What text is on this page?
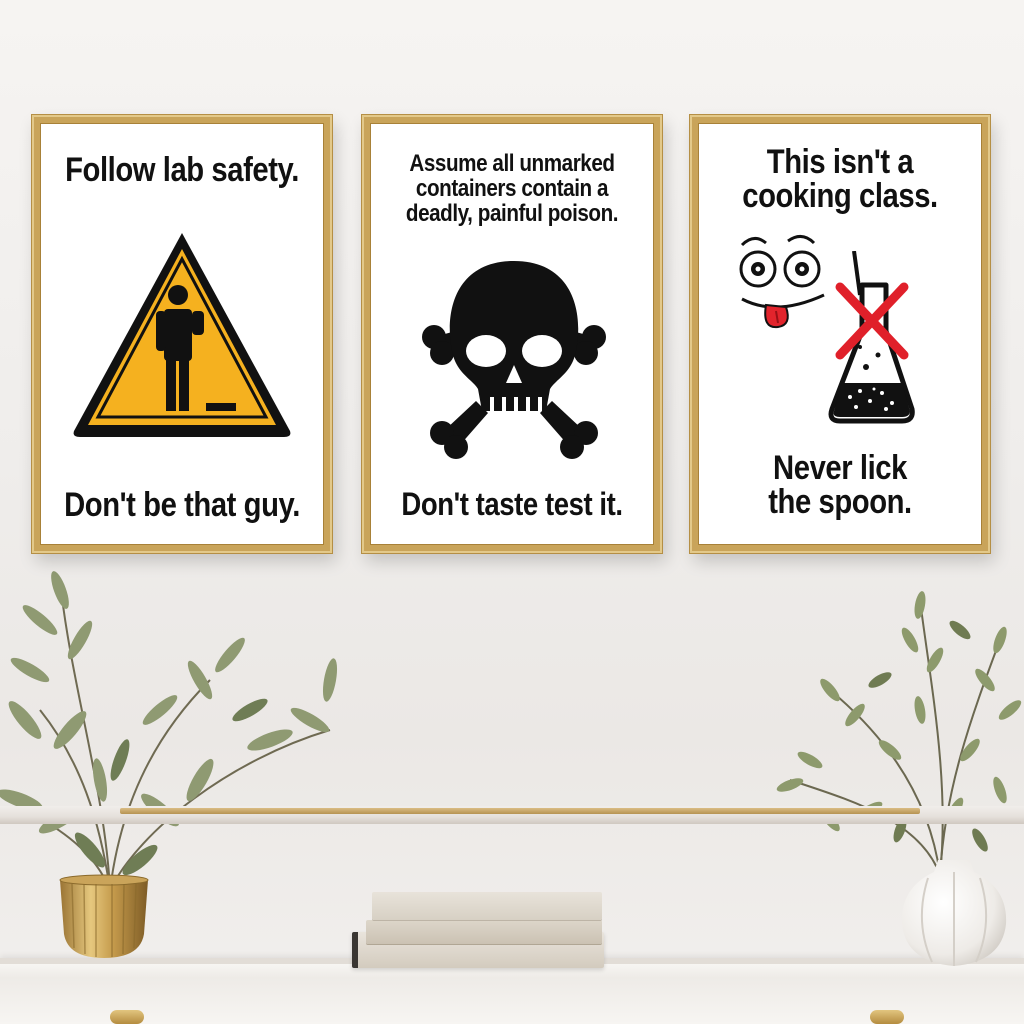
Follow lab safety.
Don't be that guy.
Assume all unmarked
containers contain a
deadly, painful poison.
Don't taste test it.
This isn't a
cooking class.
Never lick
the spoon.
